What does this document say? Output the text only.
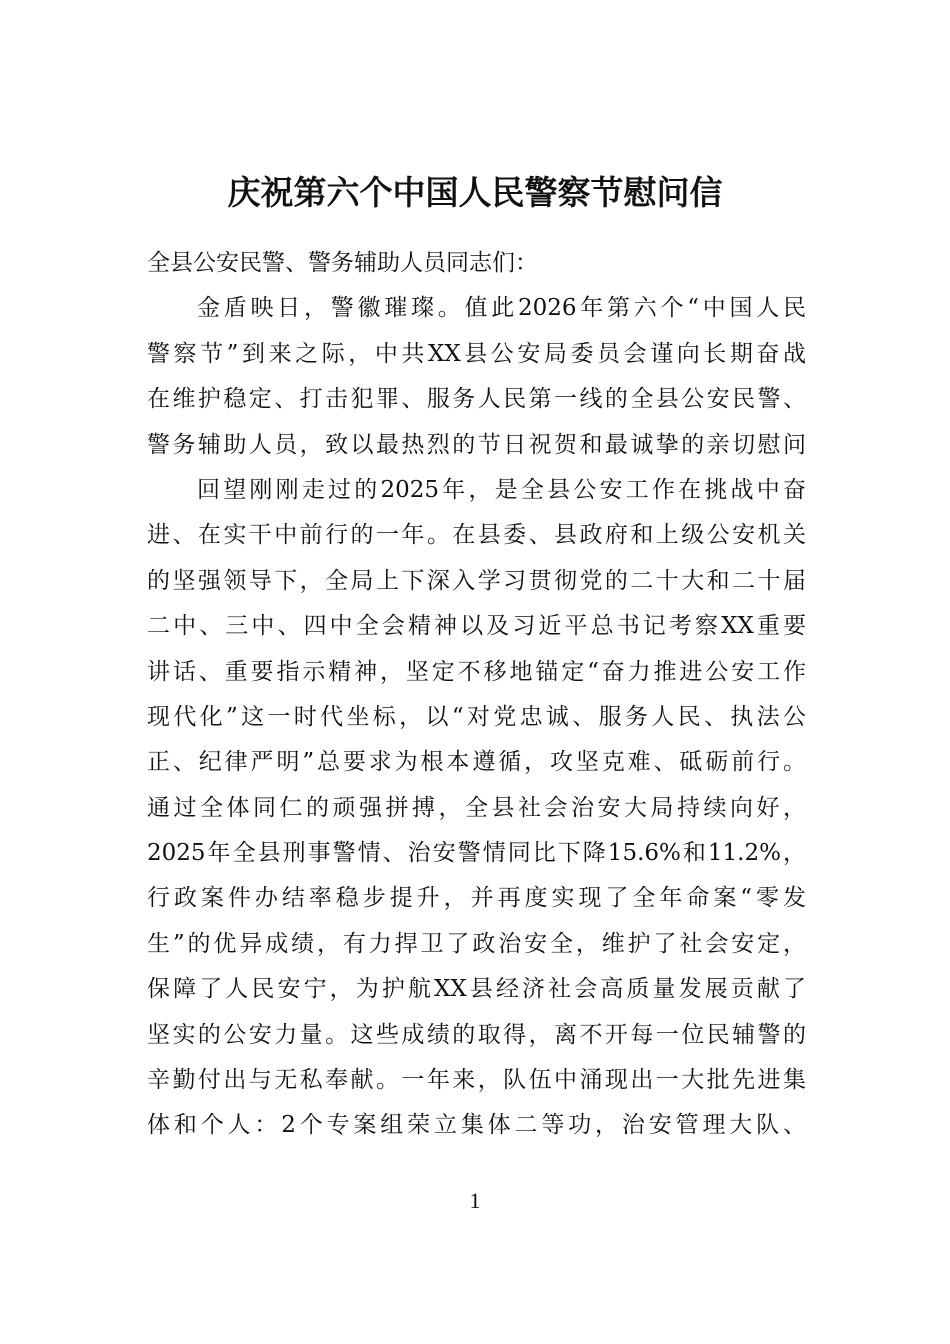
庆祝第六个中国人民警察节慰问信
全县公安民警、警务辅助人员同志们：
金盾映日，警徽璀璨。值此2026年第六个“中国人民
警察节”到来之际，中共XX县公安局委员会谨向长期奋战
在维护稳定、打击犯罪、服务人民第一线的全县公安民警、
警务辅助人员，致以最热烈的节日祝贺和最诚挚的亲切慰问
回望刚刚走过的2025年，是全县公安工作在挑战中奋
进、在实干中前行的一年。在县委、县政府和上级公安机关
的坚强领导下，全局上下深入学习贯彻党的二十大和二十届
二中、三中、四中全会精神以及习近平总书记考察XX重要
讲话、重要指示精神，坚定不移地锚定“奋力推进公安工作
现代化”这一时代坐标，以“对党忠诚、服务人民、执法公
正、纪律严明”总要求为根本遵循，攻坚克难、砥砺前行。
通过全体同仁的顽强拼搏，全县社会治安大局持续向好，
2025年全县刑事警情、治安警情同比下降15.6%和11.2%，
行政案件办结率稳步提升，并再度实现了全年命案“零发
生”的优异成绩，有力捍卫了政治安全，维护了社会安定，
保障了人民安宁，为护航XX县经济社会高质量发展贡献了
坚实的公安力量。这些成绩的取得，离不开每一位民辅警的
辛勤付出与无私奉献。一年来，队伍中涌现出一大批先进集
体和个人：2个专案组荣立集体二等功，治安管理大队、
1
